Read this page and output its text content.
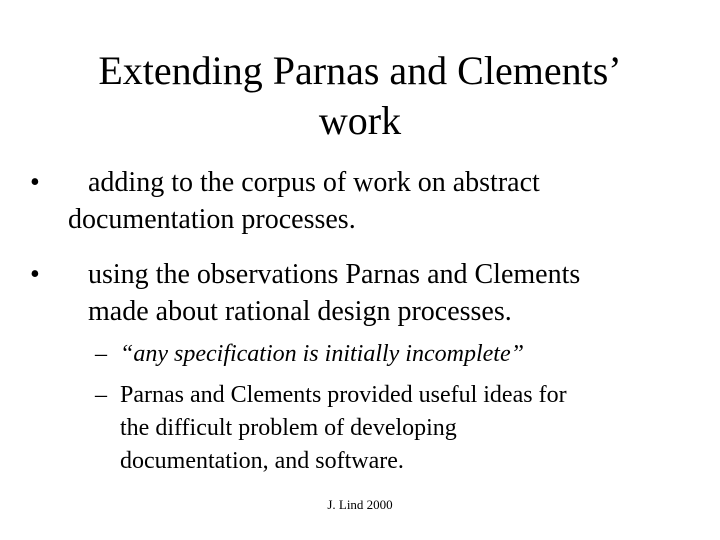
Extending Parnas and Clements’
work
• adding to the corpus of work on abstract
documentation processes.
• using the observations Parnas and Clements
made about rational design processes.
– “any specification is initially incomplete”
– Parnas and Clements provided useful ideas for
the difficult problem of developing
documentation, and software.
J. Lind 2000
